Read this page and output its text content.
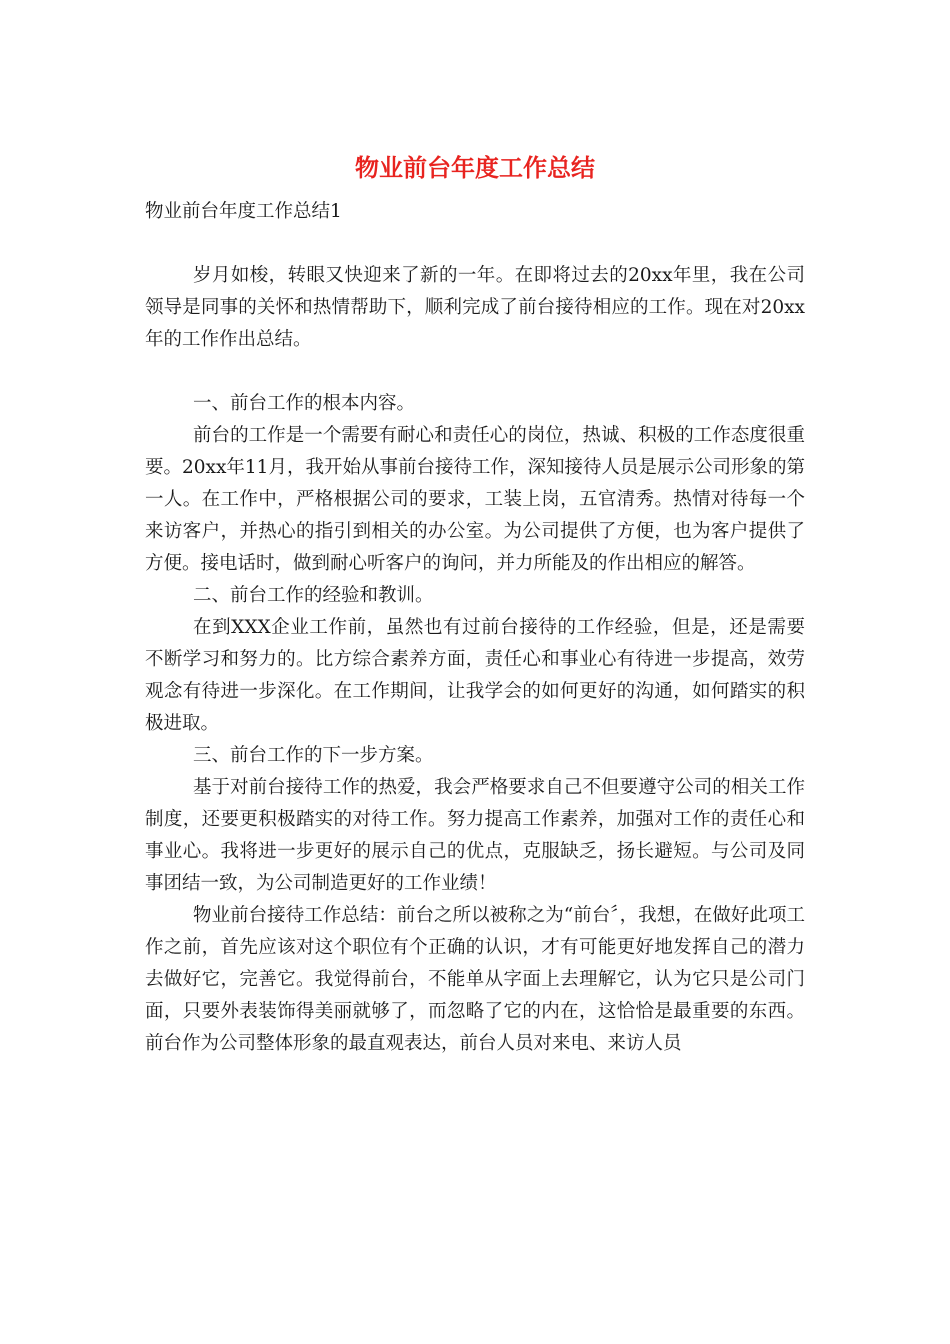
物业前台年度工作总结

物业前台年度工作总结1

岁月如梭，转眼又快迎来了新的一年。在即将过去的20xx年里，我在公司领导是同事的关怀和热情帮助下，顺利完成了前台接待相应的工作。现在对20xx年的工作作出总结。

一、前台工作的根本内容。

前台的工作是一个需要有耐心和责任心的岗位，热诚、积极的工作态度很重要。20xx年11月，我开始从事前台接待工作，深知接待人员是展示公司形象的第一人。在工作中，严格根据公司的要求，工装上岗，五官清秀。热情对待每一个来访客户，并热心的指引到相关的办公室。为公司提供了方便，也为客户提供了方便。接电话时，做到耐心听客户的询问，并力所能及的作出相应的解答。

二、前台工作的经验和教训。

在到XXX企业工作前，虽然也有过前台接待的工作经验，但是，还是需要不断学习和努力的。比方综合素养方面，责任心和事业心有待进一步提高，效劳观念有待进一步深化。在工作期间，让我学会的如何更好的沟通，如何踏实的积极进取。

三、前台工作的下一步方案。

基于对前台接待工作的热爱，我会严格要求自己不但要遵守公司的相关工作制度，还要更积极踏实的对待工作。努力提高工作素养，加强对工作的责任心和事业心。我将进一步更好的展示自己的优点，克服缺乏，扬长避短。与公司及同事团结一致，为公司制造更好的工作业绩！

物业前台接待工作总结：前台之所以被称之为“前台〞，我想，在做好此项工作之前，首先应该对这个职位有个正确的认识，才有可能更好地发挥自己的潜力去做好它，完善它。我觉得前台，不能单从字面上去理解它，认为它只是公司门面，只要外表装饰得美丽就够了，而忽略了它的内在，这恰恰是最重要的东西。前台作为公司整体形象的最直观表达，前台人员对来电、来访人员
